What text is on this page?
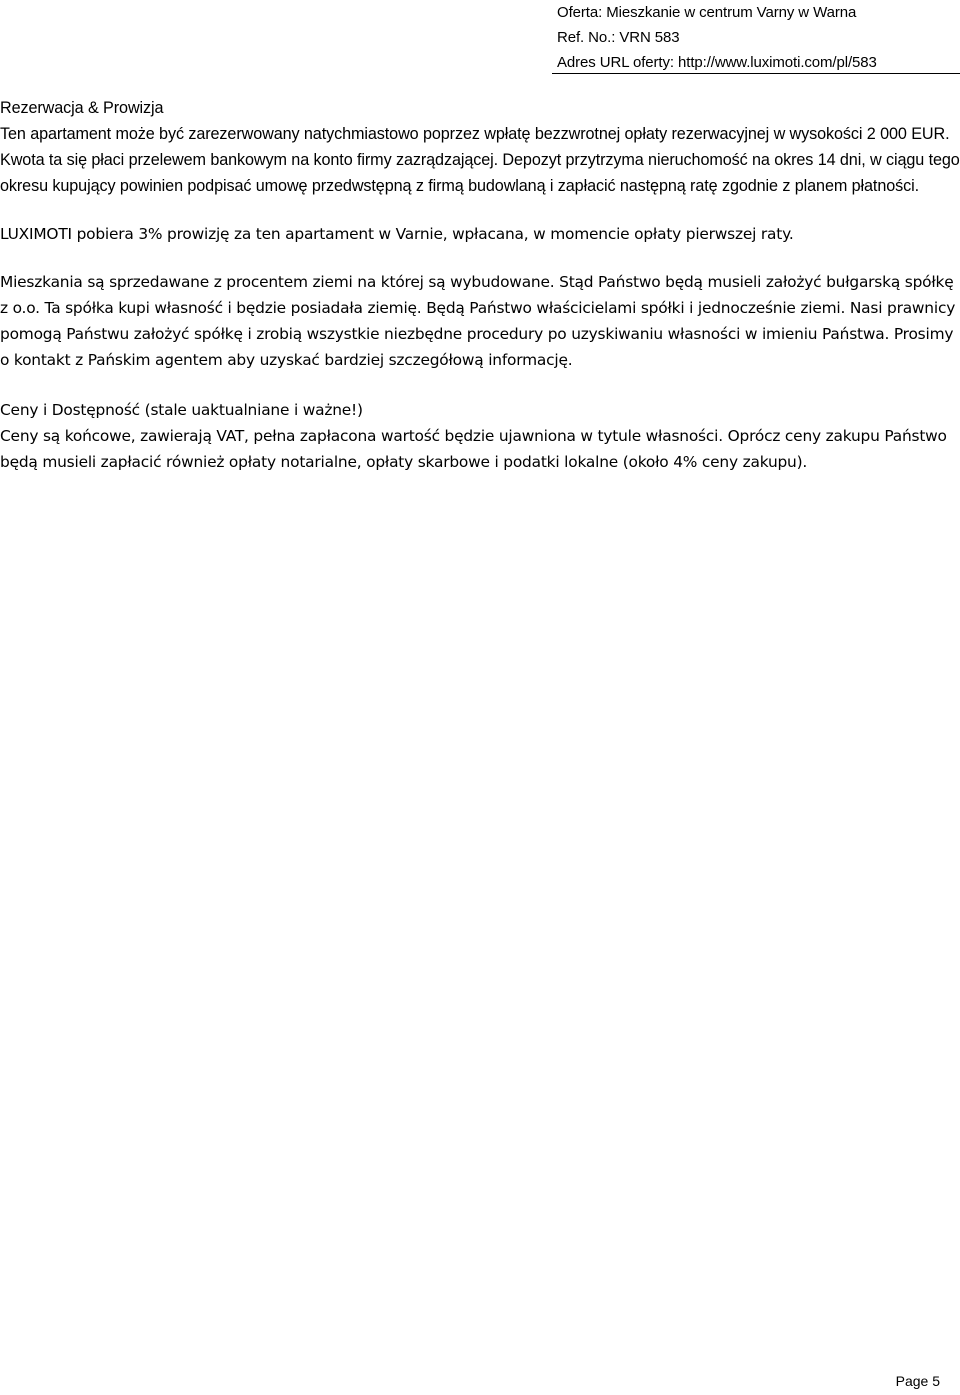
Oferta: Mieszkanie w centrum Varny w Warna
Ref. No.: VRN 583
Adres URL oferty: http://www.luximoti.com/pl/583

Rezerwacja & Prowizja

Ten apartament może być zarezerwowany natychmiastowo poprzez wpłatę bezzwrotnej opłaty rezerwacyjnej w wysokości 2 000 EUR. Kwota ta się płaci przelewem bankowym na konto firmy zazrądzającej. Depozyt przytrzyma nieruchomość na okres 14 dni, w ciągu tego okresu kupujący powinien podpisać umowę przedwstępną z firmą budowlaną i zapłacić następną ratę zgodnie z planem płatności.

LUXIMOTI pobiera 3% prowizję za ten apartament w Varnie, wpłacana, w momencie opłaty pierwszej raty.

Mieszkania są sprzedawane z procentem ziemi na której są wybudowane. Stąd Państwo będą musieli założyć bułgarską spółkę z o.o. Ta spółka kupi własność i będzie posiadała ziemię. Będą Państwo właścicielami spółki i jednocześnie ziemi. Nasi prawnicy pomogą Państwu założyć spółkę i zrobią wszystkie niezbędne procedury po uzyskiwaniu własności w imieniu Państwa. Prosimy o kontakt z Pańskim agentem aby uzyskać bardziej szczegółową informację.

Ceny i Dostępność (stale uaktualniane i ważne!)

Ceny są końcowe, zawierają VAT, pełna zapłacona wartość będzie ujawniona w tytule własności. Oprócz ceny zakupu Państwo będą musieli zapłacić również opłaty notarialne, opłaty skarbowe i podatki lokalne (około 4% ceny zakupu).

Page 5
